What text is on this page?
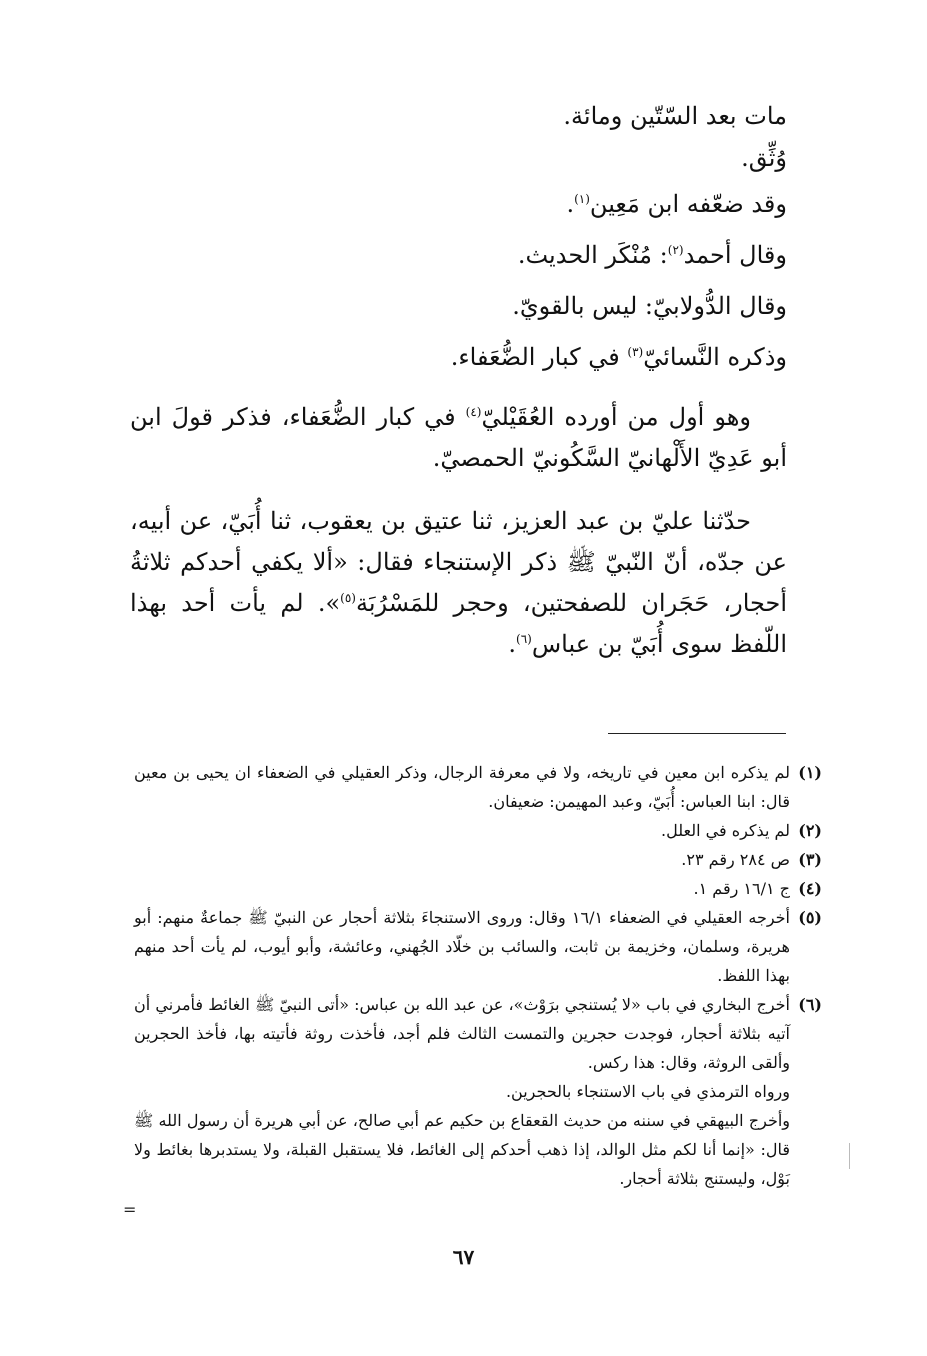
مات بعد السّتّين ومائة.
وُثِّق.
وقد ضعّفه ابن مَعِين$^{(١)}$.
وقال أحمد$^{(٢)}$: مُنْكَر الحديث.
وقال الدُّولابيّ: ليس بالقويّ.
وذكره النَّسائيّ$^{(٣)}$ في كبار الضُّعَفاء.

وهو أول من أورده العُقَيْليّ$^{(٤)}$ في كبار الضُّعَفاء، فذكر قولَ ابن أبو عَدِيّ الأَلْهانيّ السَّكُونيّ الحمصيّ.

حدّثنا عليّ بن عبد العزيز، ثنا عتيق بن يعقوب، ثنا أُبَيّ، عن أبيه، عن جدّه، أنّ النّبيّ ﷺ ذكر الإستنجاء فقال: «ألا يكفي أحدكم ثلاثةُ أحجار، حَجَران للصفحتين، وحجر للمَسْرُبَة$^{(٥)}$». لم يأت أحد بهذا اللّفظ سوى أُبَيّ بن عباس$^{(٦)}$.

(١)
لم يذكره ابن معين في تاريخه، ولا في معرفة الرجال، وذكر العقيلي في الضعفاء ان يحيى بن معين قال: ابنا العباس: أُبَيّ، وعبد المهيمن: ضعيفان.
(٢)
لم يذكره في العلل.
(٣)
ص ٢٨٤ رقم ٢٣.
(٤)
ج ١٦/١ رقم ١.
(٥)
أخرجه العقيلي في الضعفاء ١٦/١ وقال: وروى الاستنجاءَ بثلاثة أحجار عن النبيّ ﷺ جماعةٌ منهم: أبو هريرة، وسلمان، وخزيمة بن ثابت، والسائب بن خلّاد الجُهني، وعائشة، وأبو أيوب، لم يأت أحد منهم بهذا اللفظ.
(٦)
أخرج البخاري في باب «لا يُستنجي برَوْث»، عن عبد الله بن عباس: «أتى النبيّ ﷺ الغائط فأمرني أن آتيه بثلاثة أحجار، فوجدت حجرين والتمست الثالث فلم أجد، فأخذت روثة فأتيته بها، فأخذ الحجرين وألقى الروثة، وقال: هذا ركس.
ورواه الترمذي في باب الاستنجاء بالحجرين.
وأخرج البيهقي في سننه من حديث القعقاع بن حكيم عم أبي صالح، عن أبي هريرة أن رسول الله ﷺ قال: «إنما أنا لكم مثل الوالد، إذا ذهب أحدكم إلى الغائط، فلا يستقبل القبلة، ولا يستدبرها بغائط ولا بَوْل، وليستنج بثلاثة أحجار.
=
٦٧
